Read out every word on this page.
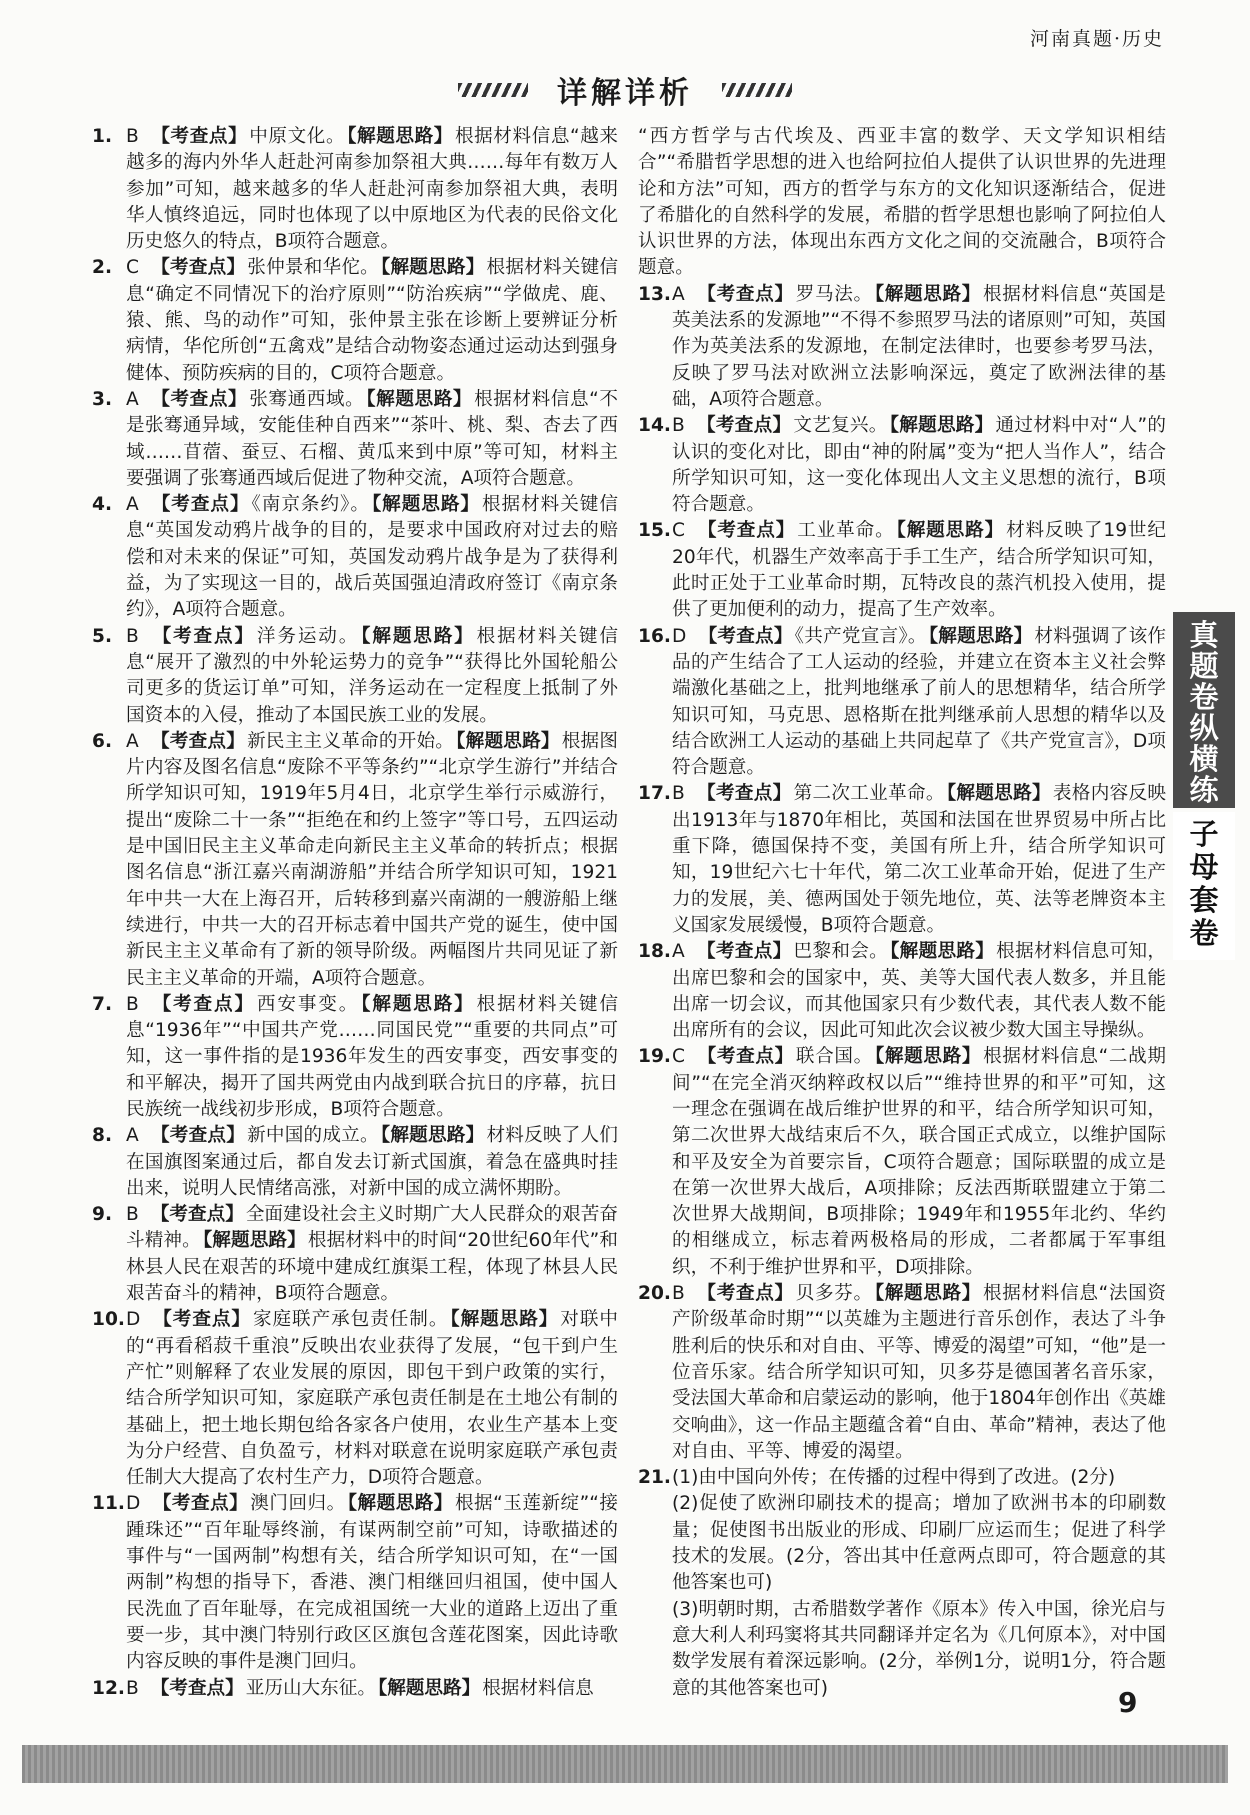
河南真题·历史
详解详析

1. B 【考查点】 中原文化。 【解题思路】 根据材料信息“越来越多的海内外华人赶赴河南参加祭祖大典……每年有数万人参加”可知，越来越多的华人赶赴河南参加祭祖大典，表明华人慎终追远，同时也体现了以中原地区为代表的民俗文化历史悠久的特点，B项符合题意。

2. C 【考查点】 张仲景和华佗。 【解题思路】 根据材料关键信息“确定不同情况下的治疗原则”“防治疾病”“学做虎、鹿、猿、熊、鸟的动作”可知，张仲景主张在诊断上要辨证分析病情，华佗所创“五禽戏”是结合动物姿态通过运动达到强身健体、预防疾病的目的，C项符合题意。

3. A 【考查点】 张骞通西域。 【解题思路】 根据材料信息“不是张骞通异域，安能佳种自西来”“茶叶、桃、梨、杏去了西域……苜蓿、蚕豆、石榴、黄瓜来到中原”等可知，材料主要强调了张骞通西域后促进了物种交流，A项符合题意。

4. A 【考查点】 《南京条约》。 【解题思路】 根据材料关键信息“英国发动鸦片战争的目的，是要求中国政府对过去的赔偿和对未来的保证”可知，英国发动鸦片战争是为了获得利益，为了实现这一目的，战后英国强迫清政府签订《南京条约》，A项符合题意。

5. B 【考查点】 洋务运动。 【解题思路】 根据材料关键信息“展开了激烈的中外轮运势力的竞争”“获得比外国轮船公司更多的货运订单”可知，洋务运动在一定程度上抵制了外国资本的入侵，推动了本国民族工业的发展。

6. A 【考查点】 新民主主义革命的开始。 【解题思路】 根据图片内容及图名信息“废除不平等条约”“北京学生游行”并结合所学知识可知，1919年5月4日，北京学生举行示威游行，提出“废除二十一条”“拒绝在和约上签字”等口号，五四运动是中国旧民主主义革命走向新民主主义革命的转折点；根据图名信息“浙江嘉兴南湖游船”并结合所学知识可知，1921年中共一大在上海召开，后转移到嘉兴南湖的一艘游船上继续进行，中共一大的召开标志着中国共产党的诞生，使中国新民主主义革命有了新的领导阶级。两幅图片共同见证了新民主主义革命的开端，A项符合题意。

7. B 【考查点】 西安事变。 【解题思路】 根据材料关键信息“1936年”“中国共产党……同国民党”“重要的共同点”可知，这一事件指的是1936年发生的西安事变，西安事变的和平解决，揭开了国共两党由内战到联合抗日的序幕，抗日民族统一战线初步形成，B项符合题意。

8. A 【考查点】 新中国的成立。 【解题思路】 材料反映了人们在国旗图案通过后，都自发去订新式国旗，着急在盛典时挂出来，说明人民情绪高涨，对新中国的成立满怀期盼。

9. B 【考查点】 全面建设社会主义时期广大人民群众的艰苦奋斗精神。 【解题思路】 根据材料中的时间“20世纪60年代”和林县人民在艰苦的环境中建成红旗渠工程，体现了林县人民艰苦奋斗的精神，B项符合题意。

10. D 【考查点】 家庭联产承包责任制。 【解题思路】 对联中的“再看稻菽千重浪”反映出农业获得了发展，“包干到户生产忙”则解释了农业发展的原因，即包干到户政策的实行，结合所学知识可知，家庭联产承包责任制是在土地公有制的基础上，把土地长期包给各家各户使用，农业生产基本上变为分户经营、自负盈亏，材料对联意在说明家庭联产承包责任制大大提高了农村生产力，D项符合题意。

11. D 【考查点】 澳门回归。 【解题思路】 根据“玉莲新绽”“接踵珠还”“百年耻辱终湔，有谋两制空前”可知，诗歌描述的事件与“一国两制”构想有关，结合所学知识可知，在“一国两制”构想的指导下，香港、澳门相继回归祖国，使中国人民洗血了百年耻辱，在完成祖国统一大业的道路上迈出了重要一步，其中澳门特别行政区区旗包含莲花图案，因此诗歌内容反映的事件是澳门回归。

12. B 【考查点】 亚历山大东征。 【解题思路】 根据材料信息

“西方哲学与古代埃及、西亚丰富的数学、天文学知识相结合”“希腊哲学思想的进入也给阿拉伯人提供了认识世界的先进理论和方法”可知，西方的哲学与东方的文化知识逐渐结合，促进了希腊化的自然科学的发展，希腊的哲学思想也影响了阿拉伯人认识世界的方法，体现出东西方文化之间的交流融合，B项符合题意。

13. A 【考查点】 罗马法。 【解题思路】 根据材料信息“英国是英美法系的发源地”“不得不参照罗马法的诸原则”可知，英国作为英美法系的发源地，在制定法律时，也要参考罗马法，反映了罗马法对欧洲立法影响深远，奠定了欧洲法律的基础，A项符合题意。

14. B 【考查点】 文艺复兴。 【解题思路】 通过材料中对“人”的认识的变化对比，即由“神的附属”变为“把人当作人”，结合所学知识可知，这一变化体现出人文主义思想的流行，B项符合题意。

15. C 【考查点】 工业革命。 【解题思路】 材料反映了19世纪20年代，机器生产效率高于手工生产，结合所学知识可知，此时正处于工业革命时期，瓦特改良的蒸汽机投入使用，提供了更加便利的动力，提高了生产效率。

16. D 【考查点】 《共产党宣言》。 【解题思路】 材料强调了该作品的产生结合了工人运动的经验，并建立在资本主义社会弊端激化基础之上，批判地继承了前人的思想精华，结合所学知识可知，马克思、恩格斯在批判继承前人思想的精华以及结合欧洲工人运动的基础上共同起草了《共产党宣言》，D项符合题意。

17. B 【考查点】 第二次工业革命。 【解题思路】 表格内容反映出1913年与1870年相比，英国和法国在世界贸易中所占比重下降，德国保持不变，美国有所上升，结合所学知识可知，19世纪六七十年代，第二次工业革命开始，促进了生产力的发展，美、德两国处于领先地位，英、法等老牌资本主义国家发展缓慢，B项符合题意。

18. A 【考查点】 巴黎和会。 【解题思路】 根据材料信息可知，出席巴黎和会的国家中，英、美等大国代表人数多，并且能出席一切会议，而其他国家只有少数代表，其代表人数不能出席所有的会议，因此可知此次会议被少数大国主导操纵。

19. C 【考查点】 联合国。 【解题思路】 根据材料信息“二战期间”“在完全消灭纳粹政权以后”“维持世界的和平”可知，这一理念在强调在战后维护世界的和平，结合所学知识可知，第二次世界大战结束后不久，联合国正式成立，以维护国际和平及安全为首要宗旨，C项符合题意；国际联盟的成立是在第一次世界大战后，A项排除；反法西斯联盟建立于第二次世界大战期间，B项排除；1949年和1955年北约、华约的相继成立，标志着两极格局的形成，二者都属于军事组织，不利于维护世界和平，D项排除。

20. B 【考查点】 贝多芬。 【解题思路】 根据材料信息“法国资产阶级革命时期”“以英雄为主题进行音乐创作，表达了斗争胜利后的快乐和对自由、平等、博爱的渴望”可知，“他”是一位音乐家。结合所学知识可知，贝多芬是德国著名音乐家，受法国大革命和启蒙运动的影响，他于1804年创作出《英雄交响曲》，这一作品主题蕴含着“自由、革命”精神，表达了他对自由、平等、博爱的渴望。

21. (1)由中国向外传；在传播的过程中得到了改进。(2分)

(2)促使了欧洲印刷技术的提高；增加了欧洲书本的印刷数量；促使图书出版业的形成、印刷厂应运而生；促进了科学技术的发展。(2分，答出其中任意两点即可，符合题意的其他答案也可)

(3)明朝时期，古希腊数学著作《原本》传入中国，徐光启与意大利人利玛窦将其共同翻译并定名为《几何原本》，对中国数学发展有着深远影响。(2分，举例1分，说明1分，符合题意的其他答案也可)

真
题
卷
纵
横
练
子
母
套
卷
9
